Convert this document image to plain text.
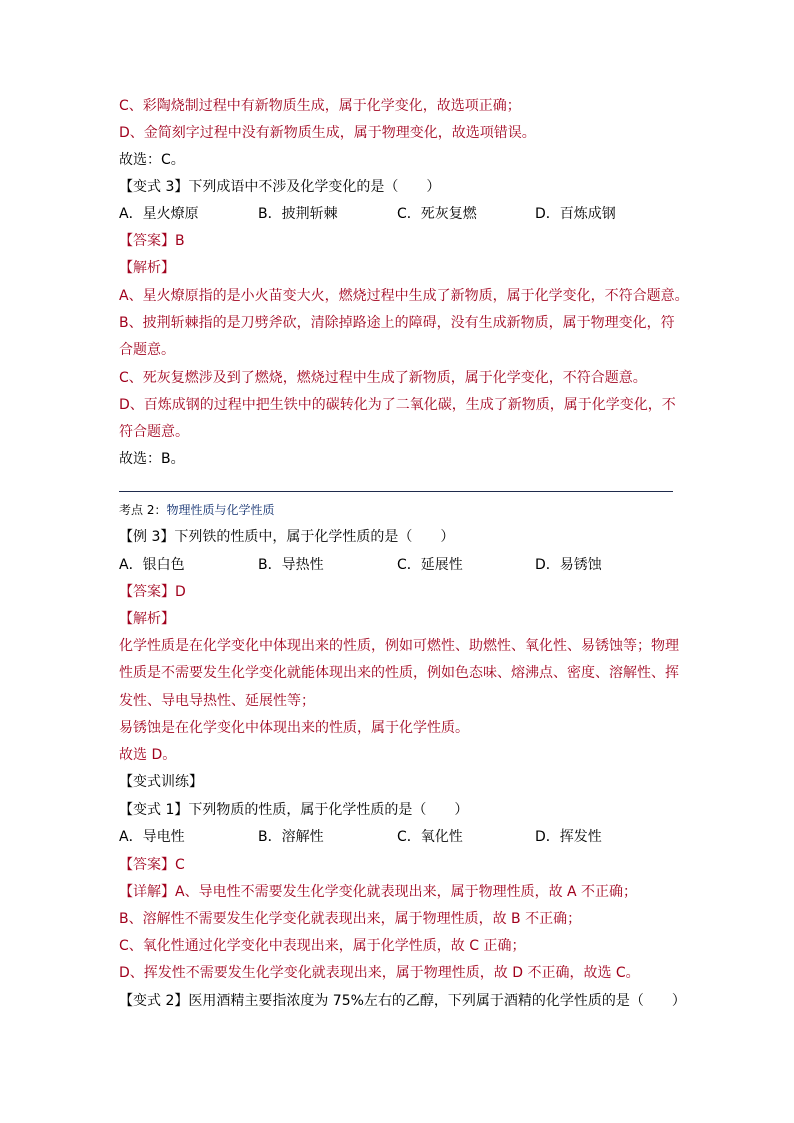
C、彩陶烧制过程中有新物质生成，属于化学变化，故选项正确；
D、金简刻字过程中没有新物质生成，属于物理变化，故选项错误。
故选：C。
【变式 3】下列成语中不涉及化学变化的是（　　）
A．星火燎原	B．披荆斩棘	C．死灰复燃	D．百炼成钢
【答案】B
【解析】
A、星火燎原指的是小火苗变大火，燃烧过程中生成了新物质，属于化学变化，不符合题意。
B、披荆斩棘指的是刀劈斧砍，清除掉路途上的障碍，没有生成新物质，属于物理变化，符
合题意。
C、死灰复燃涉及到了燃烧，燃烧过程中生成了新物质，属于化学变化，不符合题意。
D、百炼成钢的过程中把生铁中的碳转化为了二氧化碳，生成了新物质，属于化学变化，不
符合题意。
故选：B。
考点 2：物理性质与化学性质
【例 3】下列铁的性质中，属于化学性质的是（　　）
A．银白色	B．导热性	C．延展性	D．易锈蚀
【答案】D
【解析】
化学性质是在化学变化中体现出来的性质，例如可燃性、助燃性、氧化性、易锈蚀等；物理
性质是不需要发生化学变化就能体现出来的性质，例如色态味、熔沸点、密度、溶解性、挥
发性、导电导热性、延展性等；
易锈蚀是在化学变化中体现出来的性质，属于化学性质。
故选 D。
【变式训练】
【变式 1】下列物质的性质，属于化学性质的是（　　）
A．导电性	B．溶解性	C．氧化性	D．挥发性
【答案】C
【详解】A、导电性不需要发生化学变化就表现出来，属于物理性质，故 A 不正确；
B、溶解性不需要发生化学变化就表现出来，属于物理性质，故 B 不正确；
C、氧化性通过化学变化中表现出来，属于化学性质，故 C 正确；
D、挥发性不需要发生化学变化就表现出来，属于物理性质，故 D 不正确，故选 C。
【变式 2】医用酒精主要指浓度为 75%左右的乙醇，下列属于酒精的化学性质的是（　　）
